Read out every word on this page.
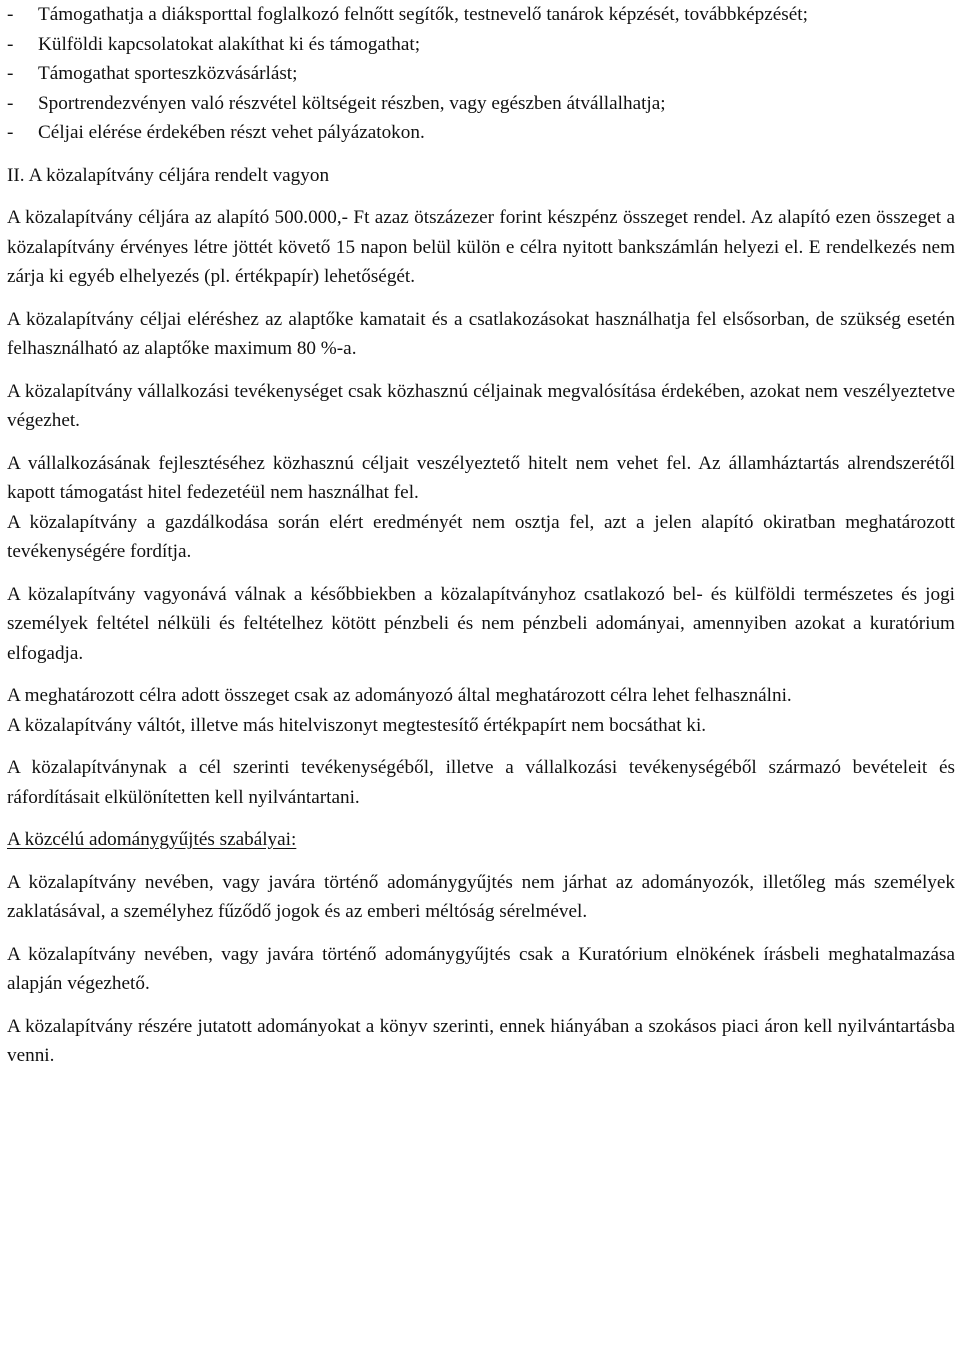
-	Támogathatja a diáksporttal foglalkozó felnőtt segítők, testnevelő tanárok képzését, továbbképzését;
-	Külföldi kapcsolatokat alakíthat ki és támogathat;
-	Támogathat sporteszközvásárlást;
-	Sportrendezvényen való részvétel költségeit részben, vagy egészben átvállalhatja;
-	Céljai elérése érdekében részt vehet pályázatokon.

II. A közalapítvány céljára rendelt vagyon

A közalapítvány céljára az alapító 500.000,- Ft azaz ötszázezer forint készpénz összeget rendel. Az alapító ezen összeget a közalapítvány érvényes létre jöttét követő 15 napon belül külön e célra nyitott bankszámlán helyezi el. E rendelkezés nem zárja ki egyéb elhelyezés (pl. értékpapír) lehetőségét.

A közalapítvány céljai eléréshez az alaptőke kamatait és a csatlakozásokat használhatja fel elsősorban, de szükség esetén felhasználható az alaptőke maximum 80 %-a.

A közalapítvány vállalkozási tevékenységet csak közhasznú céljainak megvalósítása érdekében, azokat nem veszélyeztetve végezhet.

A vállalkozásának fejlesztéséhez közhasznú céljait veszélyeztető hitelt nem vehet fel. Az államháztartás alrendszerétől kapott támogatást hitel fedezetéül nem használhat fel.

A közalapítvány a gazdálkodása során elért eredményét nem osztja fel, azt a jelen alapító okiratban meghatározott tevékenységére fordítja.

A közalapítvány vagyonává válnak a későbbiekben a közalapítványhoz csatlakozó bel- és külföldi természetes és jogi személyek feltétel nélküli és feltételhez kötött pénzbeli és nem pénzbeli adományai, amennyiben azokat a kuratórium elfogadja.

A meghatározott célra adott összeget csak az adományozó által meghatározott célra lehet felhasználni.

A közalapítvány váltót, illetve más hitelviszonyt megtestesítő értékpapírt nem bocsáthat ki.

A közalapítványnak a cél szerinti tevékenységéből, illetve a vállalkozási tevékenységéből származó bevételeit és ráfordításait elkülönítetten kell nyilvántartani.

A közcélú adománygyűjtés szabályai:

A közalapítvány nevében, vagy javára történő adománygyűjtés nem járhat az adományozók, illetőleg más személyek zaklatásával, a személyhez fűződő jogok és az emberi méltóság sérelmével.

A közalapítvány nevében, vagy javára történő adománygyűjtés csak a Kuratórium elnökének írásbeli meghatalmazása alapján végezhető.

A közalapítvány részére jutatott adományokat a könyv szerinti, ennek hiányában a szokásos piaci áron kell nyilvántartásba venni.
